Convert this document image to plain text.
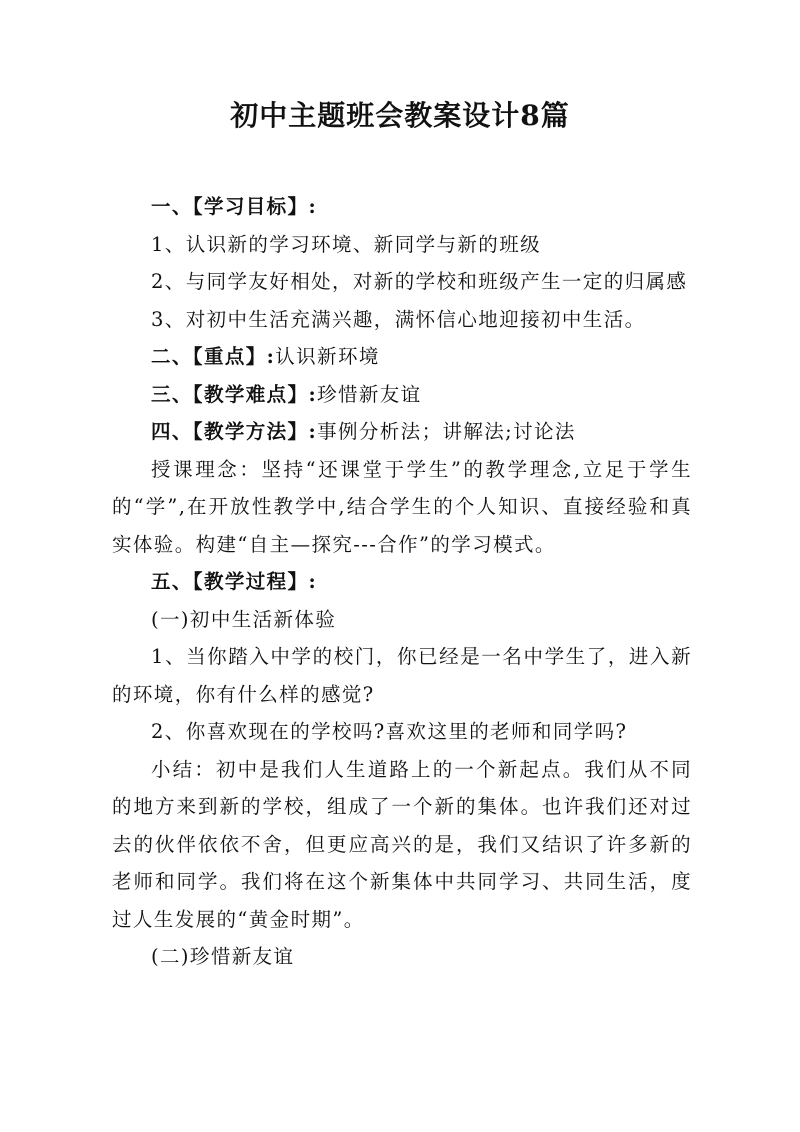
初中主题班会教案设计8篇

一、【学习目标】:

1、认识新的学习环境、新同学与新的班级

2、与同学友好相处，对新的学校和班级产生一定的归属感

3、对初中生活充满兴趣，满怀信心地迎接初中生活。

二、【重点】:认识新环境

三、【教学难点】:珍惜新友谊

四、【教学方法】:事例分析法；讲解法;讨论法

授课理念：坚持“还课堂于学生”的教学理念,立足于学生的“学”,在开放性教学中,结合学生的个人知识、直接经验和真实体验。构建“自主—探究---合作”的学习模式。

五、【教学过程】:

(一)初中生活新体验

1、当你踏入中学的校门，你已经是一名中学生了，进入新的环境，你有什么样的感觉?

2、你喜欢现在的学校吗?喜欢这里的老师和同学吗?

小结：初中是我们人生道路上的一个新起点。我们从不同的地方来到新的学校，组成了一个新的集体。也许我们还对过去的伙伴依依不舍，但更应高兴的是，我们又结识了许多新的老师和同学。我们将在这个新集体中共同学习、共同生活，度过人生发展的“黄金时期”。

(二)珍惜新友谊
